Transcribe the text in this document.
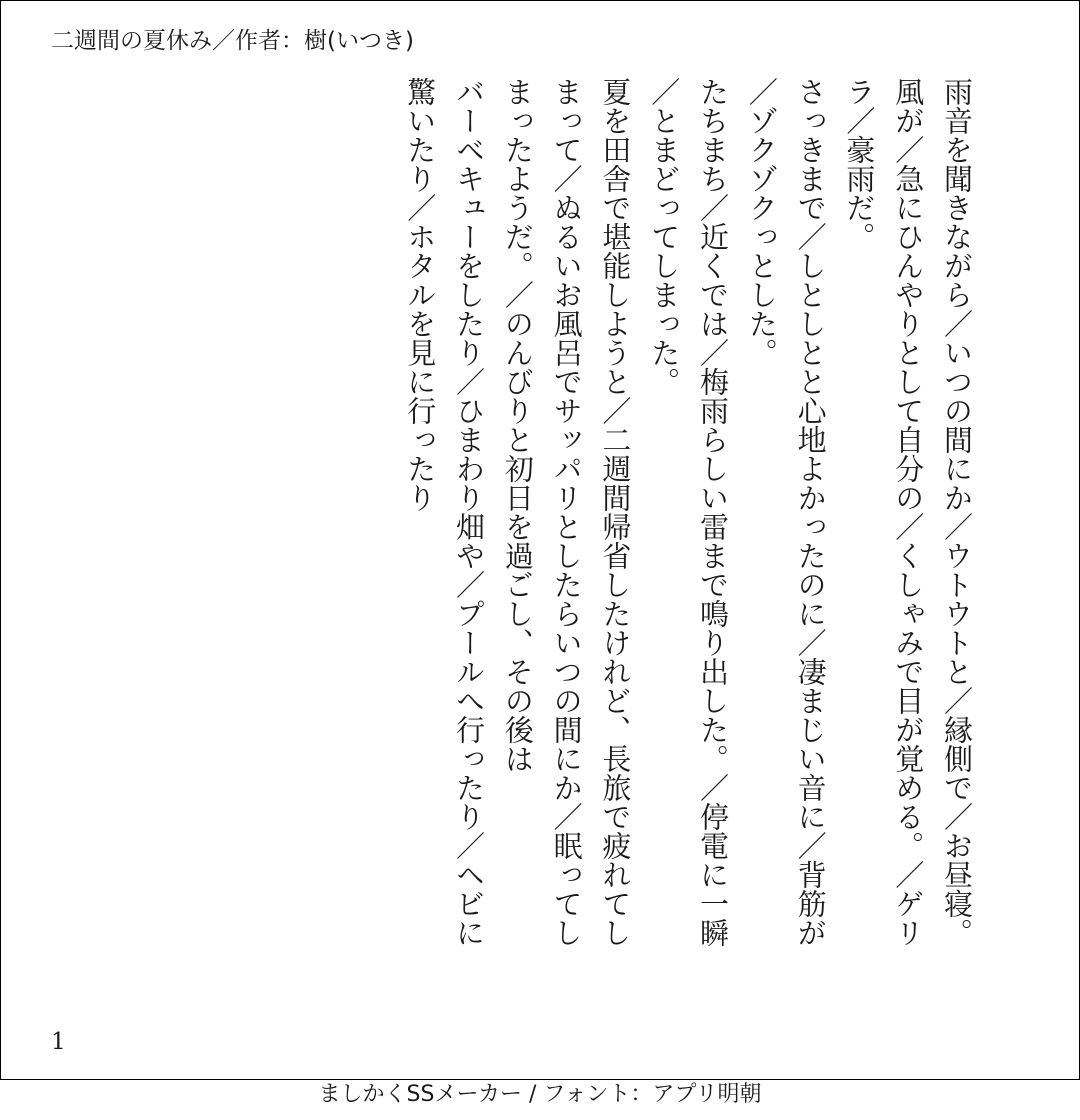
二週間の夏休み／作者：樹(いつき)

雨音を聞きながら／いつの間にか／ウトウトと／縁側で／お昼寝。

風が／急にひんやりとして自分の／くしゃみで目が覚める。／ゲリ

ラ／豪雨だ。

さっきまで／しとしとと心地よかったのに／凄まじい音に／背筋が

／ゾクゾクっとした。

たちまち／近くでは／梅雨らしい雷まで鳴り出した。／停電に一瞬

／とまどってしまった。

夏を田舎で堪能しようと／二週間帰省したけれど、長旅で疲れてし

まって／ぬるいお風呂でサッパリとしたらいつの間にか／眠ってし

まったようだ。／のんびりと初日を過ごし、その後は

バーベキューをしたり／ひまわり畑や／プールへ行ったり／ヘビに

驚いたり／ホタルを見に行ったり

1
ましかくSSメーカー / フォント：アプリ明朝
